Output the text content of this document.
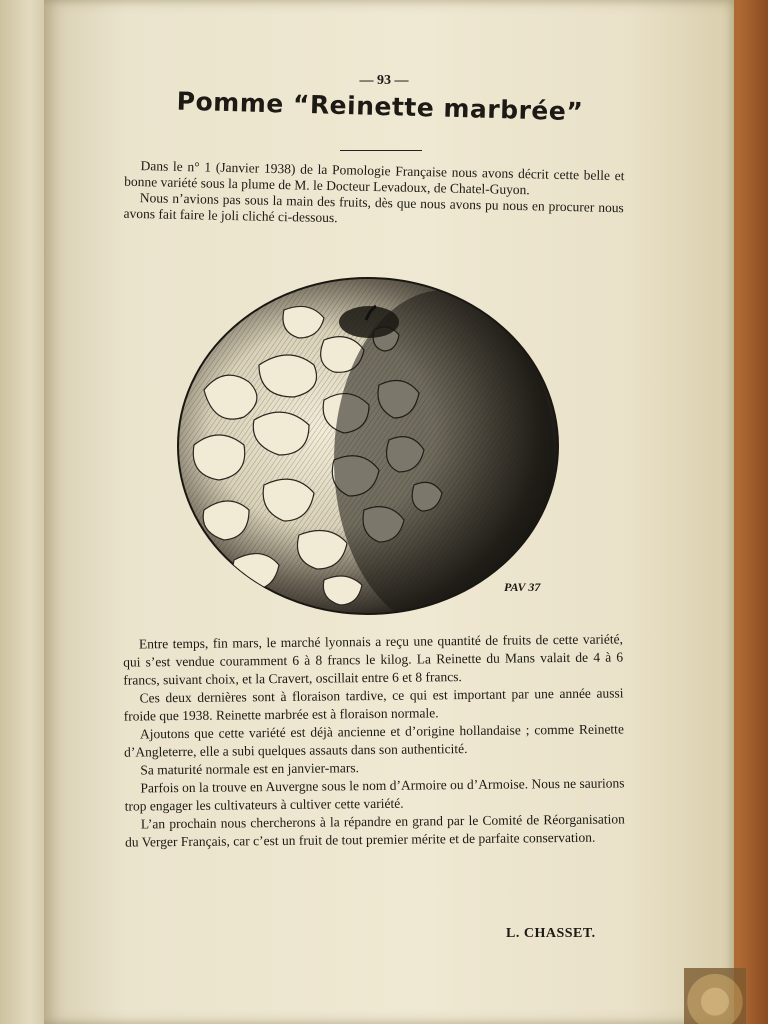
— 93 —
Pomme “Reinette marbrée”

Dans le n° 1 (Janvier 1938) de la Pomologie Française nous avons décrit cette belle et bonne variété sous la plume de M. le Docteur Levadoux, de Chatel-Guyon.

Nous n’avions pas sous la main des fruits, dès que nous avons pu nous en procurer nous avons fait faire le joli cliché ci-dessous.

PAV 37

Entre temps, fin mars, le marché lyonnais a reçu une quantité de fruits de cette variété, qui s’est vendue couramment 6 à 8 francs le kilog. La Reinette du Mans valait de 4 à 6 francs, suivant choix, et la Cravert, oscillait entre 6 et 8 francs.

Ces deux dernières sont à floraison tardive, ce qui est important par une année aussi froide que 1938. Reinette marbrée est à floraison normale.

Ajoutons que cette variété est déjà ancienne et d’origine hollandaise ; comme Reinette d’Angleterre, elle a subi quelques assauts dans son authenticité.

Sa maturité normale est en janvier-mars.

Parfois on la trouve en Auvergne sous le nom d’Armoire ou d’Armoise. Nous ne saurions trop engager les cultivateurs à cultiver cette variété.

L’an prochain nous chercherons à la répandre en grand par le Comité de Réorganisation du Verger Français, car c’est un fruit de tout premier mérite et de parfaite conservation.

L. CHASSET.
